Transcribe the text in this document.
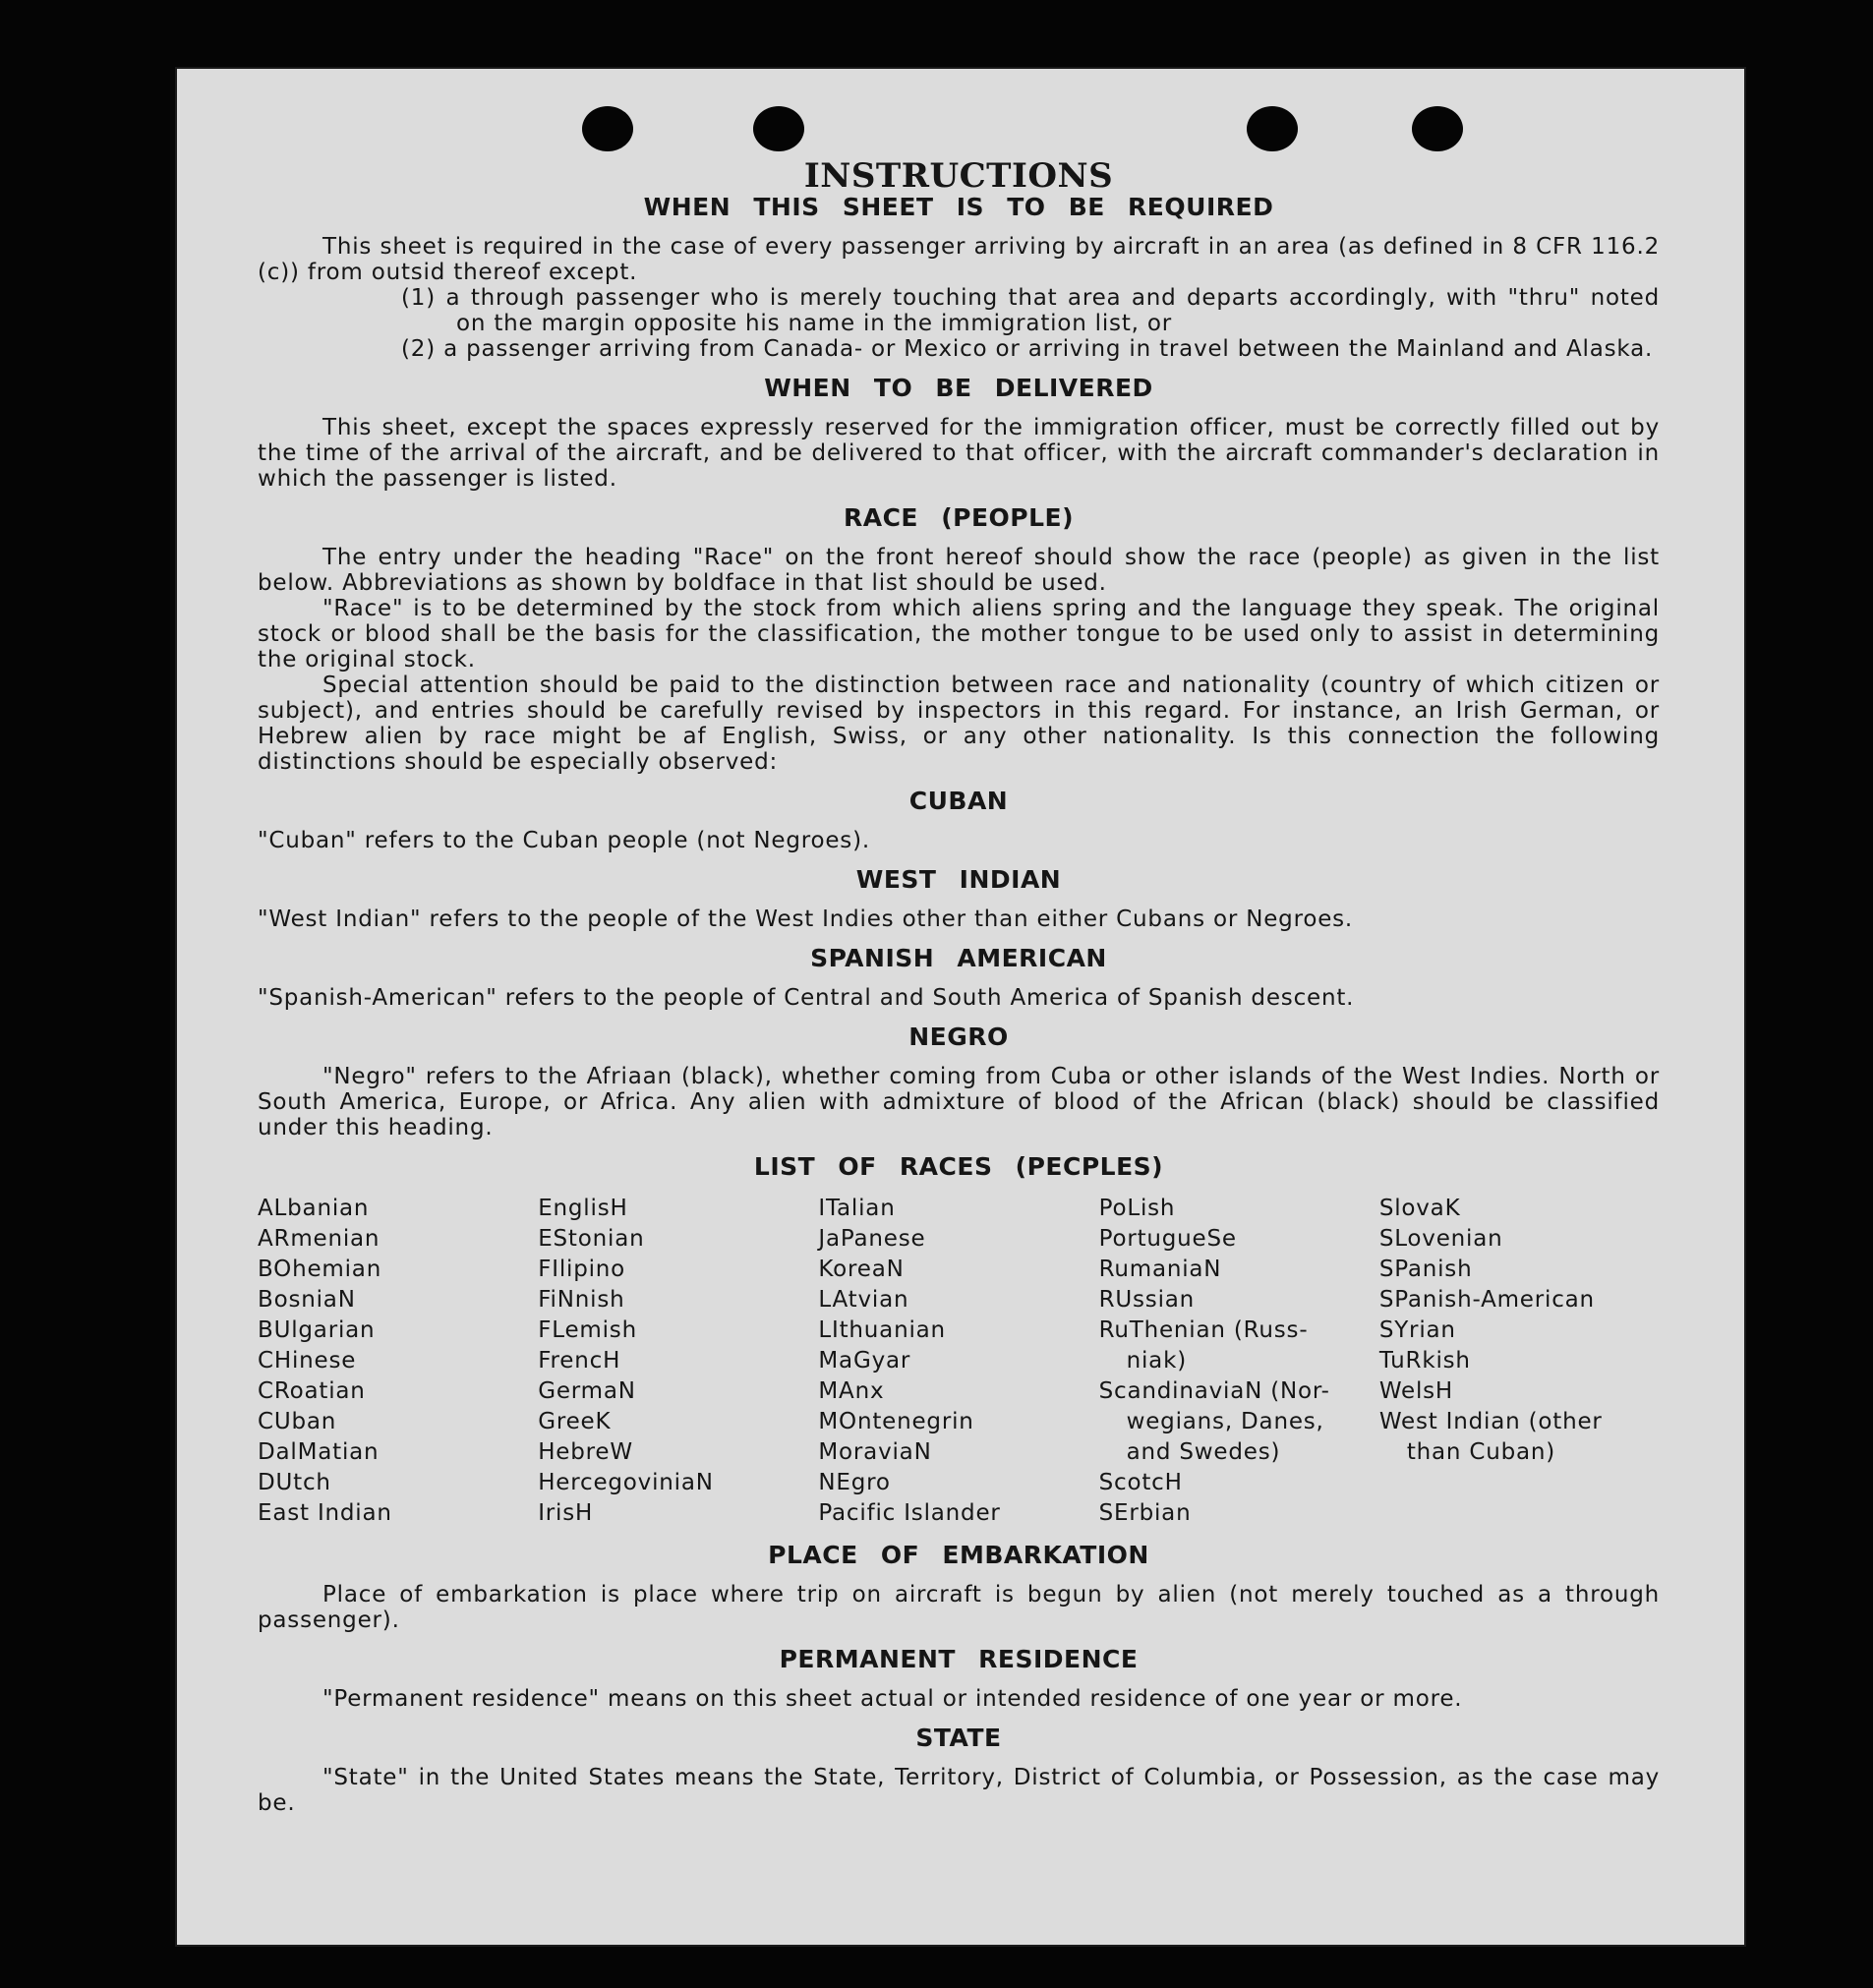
INSTRUCTIONS
WHEN THIS SHEET IS TO BE REQUIRED

This sheet is required in the case of every passenger arriving by aircraft in an area (as defined in 8 CFR 116.2 (c)) from outsid thereof except.

(1) a through passenger who is merely touching that area and departs accordingly, with "thru" noted on the margin opposite his name in the immigration list, or

(2) a passenger arriving from Canada- or Mexico or arriving in travel between the Mainland and Alaska.

WHEN TO BE DELIVERED

This sheet, except the spaces expressly reserved for the immigration officer, must be correctly filled out by the time of the arrival of the aircraft, and be delivered to that officer, with the aircraft commander's declaration in which the passenger is listed.

RACE (PEOPLE)

The entry under the heading "Race" on the front hereof should show the race (people) as given in the list below. Abbreviations as shown by boldface in that list should be used.

"Race" is to be determined by the stock from which aliens spring and the language they speak. The original stock or blood shall be the basis for the classification, the mother tongue to be used only to assist in determining the original stock.

Special attention should be paid to the distinction between race and nationality (country of which citizen or subject), and entries should be carefully revised by inspectors in this regard. For instance, an Irish German, or Hebrew alien by race might be af English, Swiss, or any other nationality. Is this connection the following distinctions should be especially observed:

CUBAN

"Cuban" refers to the Cuban people (not Negroes).

WEST INDIAN

"West Indian" refers to the people of the West Indies other than either Cubans or Negroes.

SPANISH AMERICAN

"Spanish-American" refers to the people of Central and South America of Spanish descent.

NEGRO

"Negro" refers to the Afriaan (black), whether coming from Cuba or other islands of the West Indies. North or South America, Europe, or Africa. Any alien with admixture of blood of the African (black) should be classified under this heading.

LIST OF RACES (PECPLES)
ALbanian
ARmenian
BOhemian
BosniaN
BUlgarian
CHinese
CRoatian
CUban
DalMatian
DUtch
East Indian
EnglisH
EStonian
FIlipino
FiNnish
FLemish
FrencH
GermaN
GreeK
HebreW
HercegoviniaN
IrisH
ITalian
JaPanese
KoreaN
LAtvian
LIthuanian
MaGyar
MAnx
MOntenegrin
MoraviaN
NEgro
Pacific Islander
PoLish
PortugueSe
RumaniaN
RUssian
RuThenian (Russ-
niak)
ScandinaviaN (Nor-
wegians, Danes,
and Swedes)
ScotcH
SErbian
SlovaK
SLovenian
SPanish
SPanish-American
SYrian
TuRkish
WelsH
West Indian (other
than Cuban)
PLACE OF EMBARKATION

Place of embarkation is place where trip on aircraft is begun by alien (not merely touched as a through passenger).

PERMANENT RESIDENCE

"Permanent residence" means on this sheet actual or intended residence of one year or more.

STATE

"State" in the United States means the State, Territory, District of Columbia, or Possession, as the case may be.
